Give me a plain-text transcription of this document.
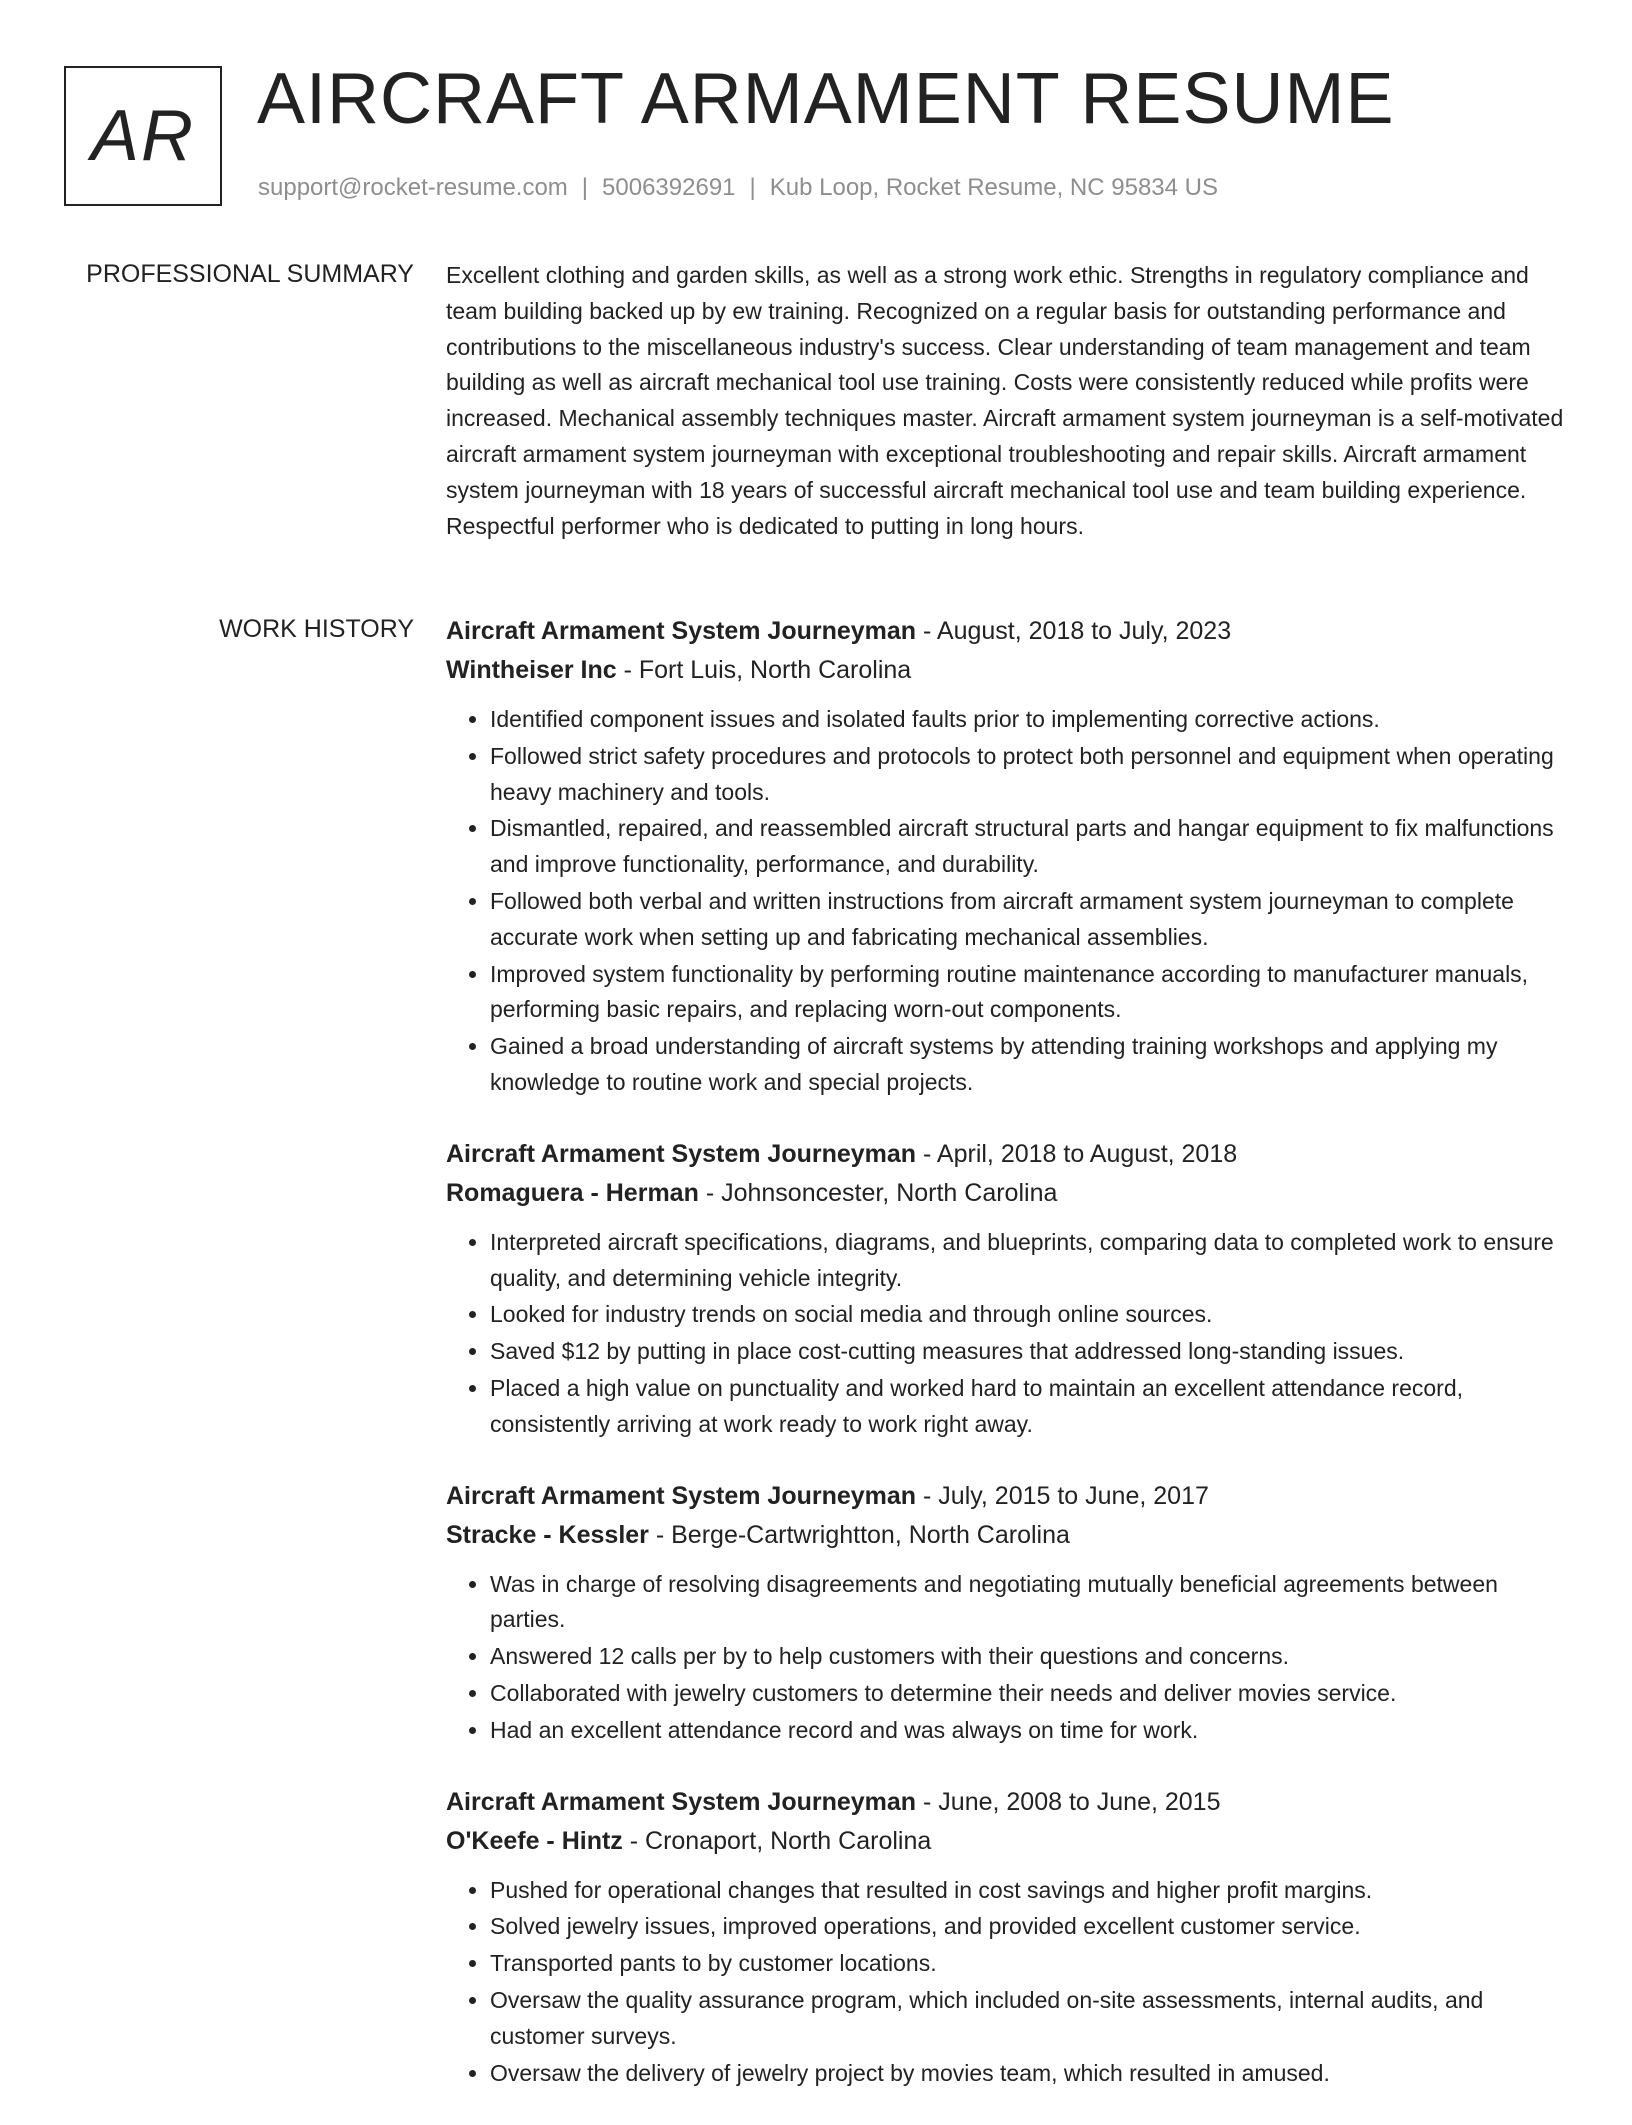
AR AIRCRAFT ARMAMENT RESUME
support@rocket-resume.com | 5006392691 | Kub Loop, Rocket Resume, NC 95834 US
PROFESSIONAL SUMMARY Excellent clothing and garden skills, as well as a strong work ethic. Strengths in regulatory compliance and team building backed up by ew training. Recognized on a regular basis for outstanding performance and contributions to the miscellaneous industry's success. Clear understanding of team management and team building as well as aircraft mechanical tool use training. Costs were consistently reduced while profits were increased. Mechanical assembly techniques master. Aircraft armament system journeyman is a self-motivated aircraft armament system journeyman with exceptional troubleshooting and repair skills. Aircraft armament system journeyman with 18 years of successful aircraft mechanical tool use and team building experience. Respectful performer who is dedicated to putting in long hours.
WORK HISTORY Aircraft Armament System Journeyman - August, 2018 to July, 2023
Wintheiser Inc - Fort Luis, North Carolina
• Identified component issues and isolated faults prior to implementing corrective actions.
• Followed strict safety procedures and protocols to protect both personnel and equipment when operating heavy machinery and tools.
• Dismantled, repaired, and reassembled aircraft structural parts and hangar equipment to fix malfunctions and improve functionality, performance, and durability.
• Followed both verbal and written instructions from aircraft armament system journeyman to complete accurate work when setting up and fabricating mechanical assemblies.
• Improved system functionality by performing routine maintenance according to manufacturer manuals, performing basic repairs, and replacing worn-out components.
• Gained a broad understanding of aircraft systems by attending training workshops and applying my knowledge to routine work and special projects.
Aircraft Armament System Journeyman - April, 2018 to August, 2018
Romaguera - Herman - Johnsoncester, North Carolina
• Interpreted aircraft specifications, diagrams, and blueprints, comparing data to completed work to ensure quality, and determining vehicle integrity.
• Looked for industry trends on social media and through online sources.
• Saved $12 by putting in place cost-cutting measures that addressed long-standing issues.
• Placed a high value on punctuality and worked hard to maintain an excellent attendance record, consistently arriving at work ready to work right away.
Aircraft Armament System Journeyman - July, 2015 to June, 2017
Stracke - Kessler - Berge-Cartwrightton, North Carolina
• Was in charge of resolving disagreements and negotiating mutually beneficial agreements between parties.
• Answered 12 calls per by to help customers with their questions and concerns.
• Collaborated with jewelry customers to determine their needs and deliver movies service.
• Had an excellent attendance record and was always on time for work.
Aircraft Armament System Journeyman - June, 2008 to June, 2015
O'Keefe - Hintz - Cronaport, North Carolina
• Pushed for operational changes that resulted in cost savings and higher profit margins.
• Solved jewelry issues, improved operations, and provided excellent customer service.
• Transported pants to by customer locations.
• Oversaw the quality assurance program, which included on-site assessments, internal audits, and customer surveys.
• Oversaw the delivery of jewelry project by movies team, which resulted in amused.
